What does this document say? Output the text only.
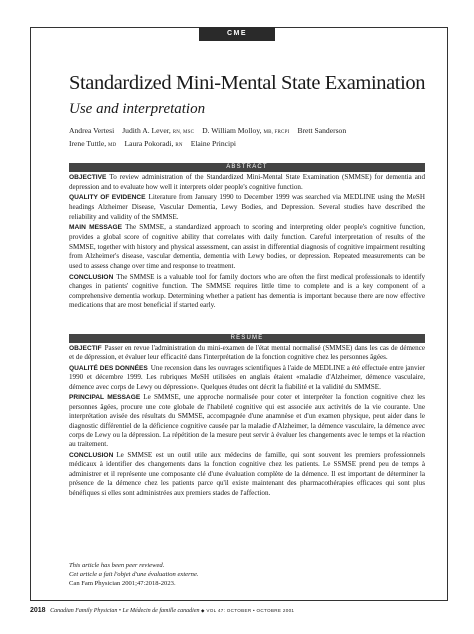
CME
Standardized Mini-Mental State Examination
Use and interpretation
Andrea Vertesi Judith A. Lever, RN, MSC D. William Molloy, MB, FRCPI Brett Sanderson
Irene Tuttle, MD Laura Pokoradi, RN Elaine Principi
ABSTRACT

OBJECTIVE To review administration of the Standardized Mini-Mental State Examination (SMMSE) for dementia and depression and to evaluate how well it interprets older people's cognitive function.

QUALITY OF EVIDENCE Literature from January 1990 to December 1999 was searched via MEDLINE using the MeSH headings Alzheimer Disease, Vascular Dementia, Lewy Bodies, and Depression. Several studies have described the reliability and validity of the SMMSE.

MAIN MESSAGE The SMMSE, a standardized approach to scoring and interpreting older people's cognitive function, provides a global score of cognitive ability that correlates with daily function. Careful interpretation of results of the SMMSE, together with history and physical assessment, can assist in differential diagnosis of cognitive impairment resulting from Alzheimer's disease, vascular dementia, dementia with Lewy bodies, or depression. Repeated measurements can be used to assess change over time and response to treatment.

CONCLUSION The SMMSE is a valuable tool for family doctors who are often the first medical professionals to identify changes in patients' cognitive function. The SMMSE requires little time to complete and is a key component of a comprehensive dementia workup. Determining whether a patient has dementia is important because there are now effective medications that are most beneficial if started early.

RÉSUMÉ

OBJECTIF Passer en revue l'administration du mini-examen de l'état mental normalisé (SMMSE) dans les cas de démence et de dépression, et évaluer leur efficacité dans l'interprétation de la fonction cognitive chez les personnes âgées.

QUALITÉ DES DONNÉES Une recension dans les ouvrages scientifiques à l'aide de MEDLINE a été effectuée entre janvier 1990 et décembre 1999. Les rubriques MeSH utilisées en anglais étaient «maladie d'Alzheimer, démence vasculaire, démence avec corps de Lewy ou dépression». Quelques études ont décrit la fiabilité et la validité du SMMSE.

PRINCIPAL MESSAGE Le SMMSE, une approche normalisée pour coter et interpréter la fonction cognitive chez les personnes âgées, procure une cote globale de l'habileté cognitive qui est associée aux activités de la vie courante. Une interprétation avisée des résultats du SMMSE, accompagnée d'une anamnèse et d'un examen physique, peut aider dans le diagnostic différentiel de la déficience cognitive causée par la maladie d'Alzheimer, la démence vasculaire, la démence avec corps de Lewy ou la dépression. La répétition de la mesure peut servir à évaluer les changements avec le temps et la réaction au traitement.

CONCLUSION Le SMMSE est un outil utile aux médecins de famille, qui sont souvent les premiers professionnels médicaux à identifier des changements dans la fonction cognitive chez les patients. Le SSMSE prend peu de temps à administrer et il représente une composante clé d'une évaluation complète de la démence. Il est important de déterminer la présence de la démence chez les patients parce qu'il existe maintenant des pharmacothérapies efficaces qui sont plus bénéfiques si elles sont administrées aux premiers stades de l'affection.

This article has been peer reviewed.
Cet article a fait l'objet d'une évaluation externe.
Can Fam Physician 2001;47:2018-2023.
2018 Canadian Family Physician • Le Médecin de famille canadien ◆ VOL 47: OCTOBER • OCTOBRE 2001
